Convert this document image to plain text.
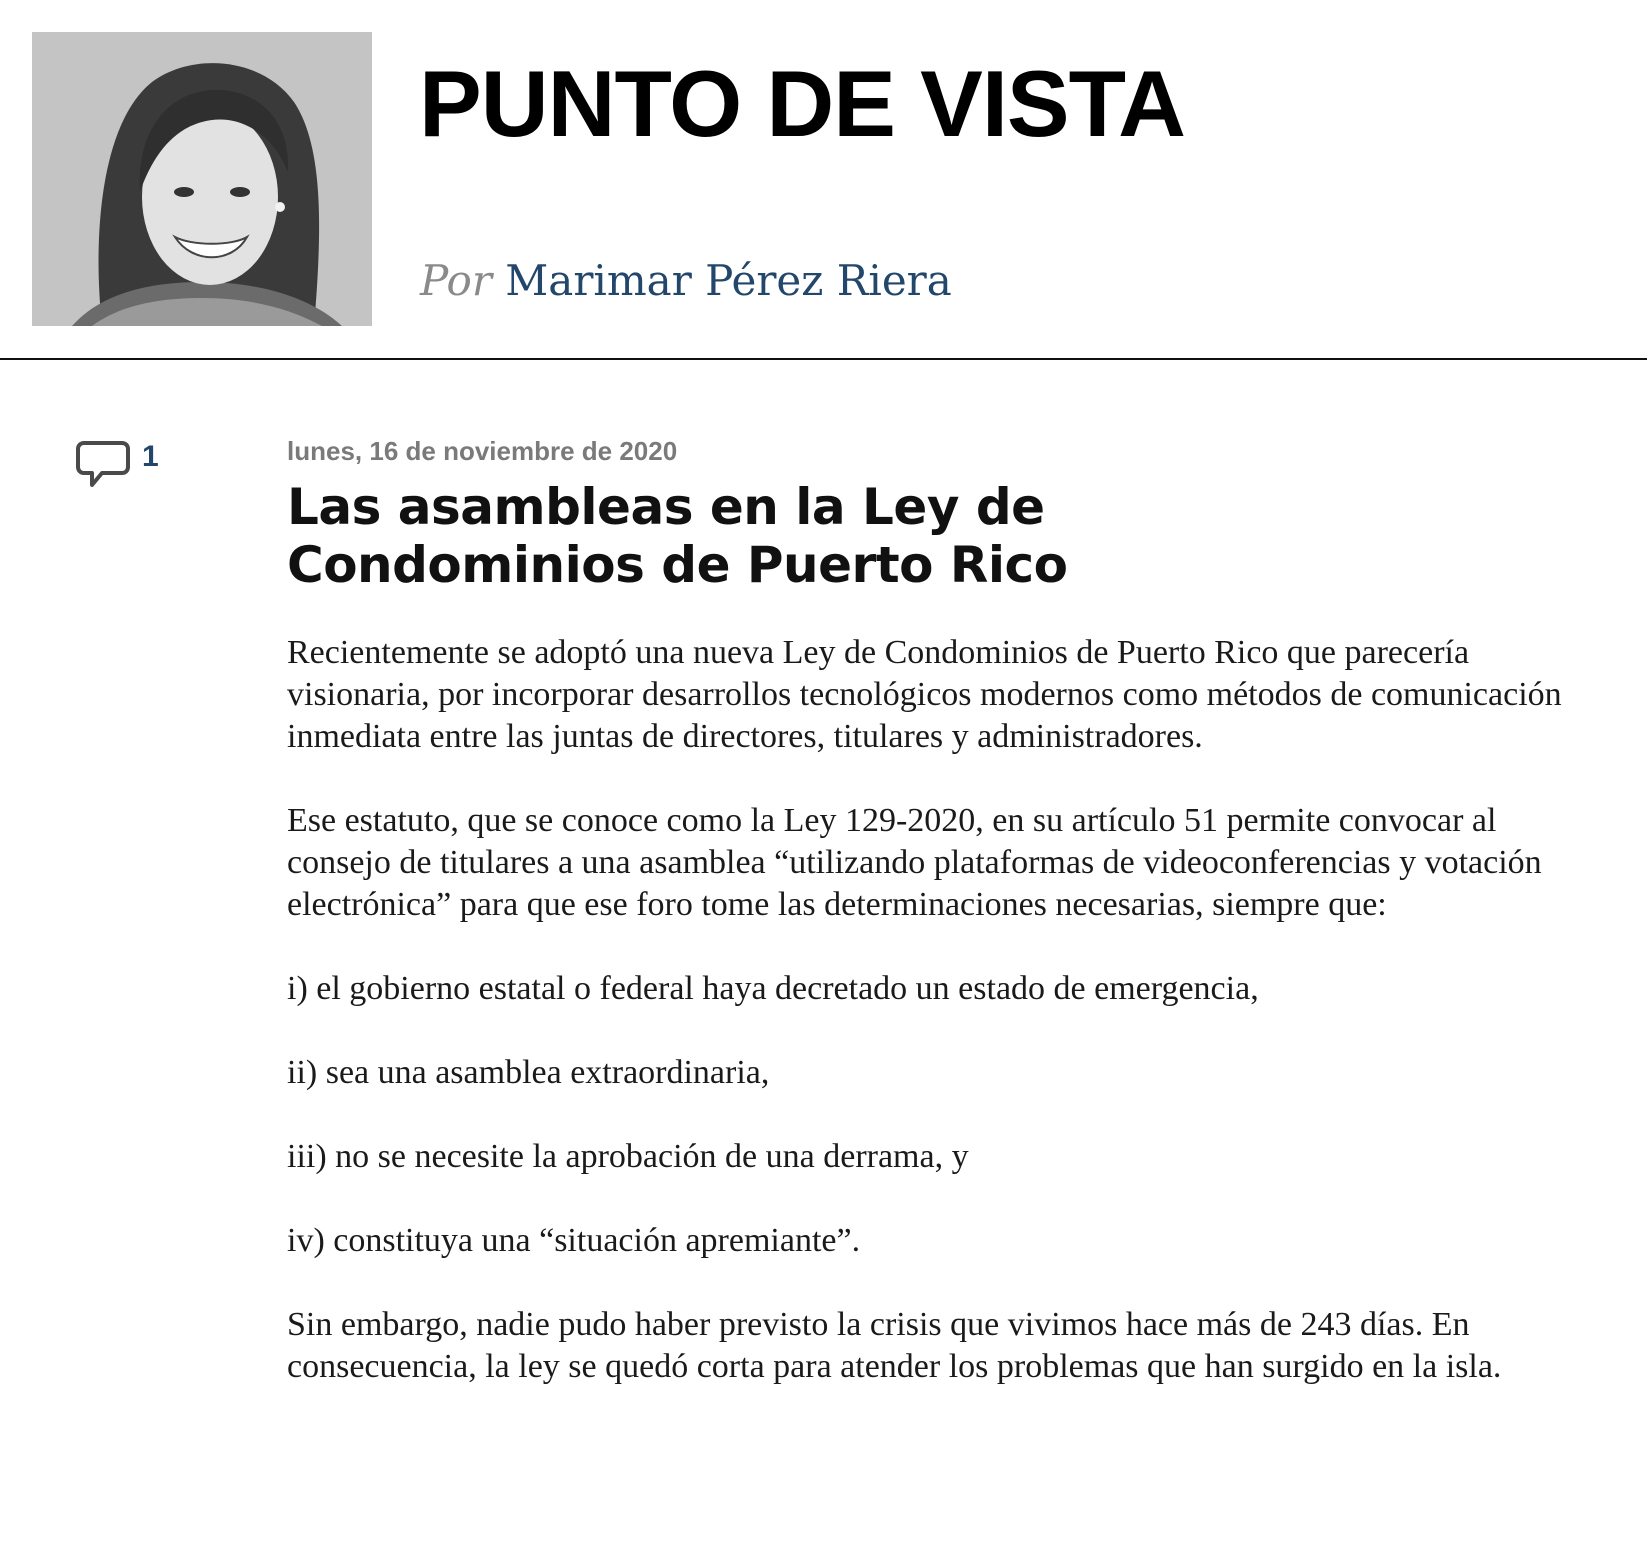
PUNTO DE VISTA
Por Marimar Pérez Riera
1	lunes, 16 de noviembre de 2020
Las asambleas en la Ley de Condominios de Puerto Rico

Recientemente se adoptó una nueva Ley de Condominios de Puerto Rico que parecería visionaria, por incorporar desarrollos tecnológicos modernos como métodos de comunicación inmediata entre las juntas de directores, titulares y administradores.

Ese estatuto, que se conoce como la Ley 129-2020, en su artículo 51 permite convocar al consejo de titulares a una asamblea “utilizando plataformas de videoconferencias y votación electrónica” para que ese foro tome las determinaciones necesarias, siempre que:

i) el gobierno estatal o federal haya decretado un estado de emergencia,

ii) sea una asamblea extraordinaria,

iii) no se necesite la aprobación de una derrama, y

iv) constituya una “situación apremiante”.

Sin embargo, nadie pudo haber previsto la crisis que vivimos hace más de 243 días. En consecuencia, la ley se quedó corta para atender los problemas que han surgido en la isla.
